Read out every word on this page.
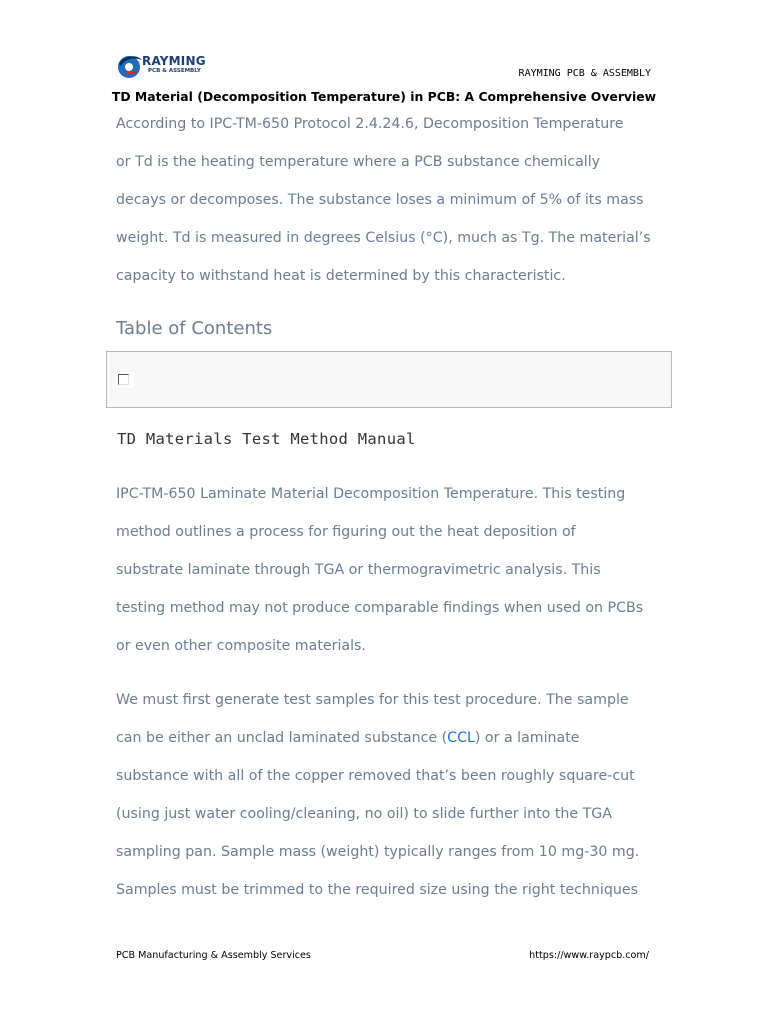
RAYMING
PCB & ASSEMBLY	RAYMING PCB & ASSEMBLY
TD Material (Decomposition Temperature) in PCB: A Comprehensive Overview

According to IPC-TM-650 Protocol 2.4.24.6, Decomposition Temperature
or Td is the heating temperature where a PCB substance chemically
decays or decomposes. The substance loses a minimum of 5% of its mass
weight. Td is measured in degrees Celsius (°C), much as Tg. The material’s
capacity to withstand heat is determined by this characteristic.

Table of Contents
TD Materials Test Method Manual

IPC-TM-650 Laminate Material Decomposition Temperature. This testing
method outlines a process for figuring out the heat deposition of
substrate laminate through TGA or thermogravimetric analysis. This
testing method may not produce comparable findings when used on PCBs
or even other composite materials.

We must first generate test samples for this test procedure. The sample
can be either an unclad laminated substance (CCL) or a laminate
substance with all of the copper removed that’s been roughly square-cut
(using just water cooling/cleaning, no oil) to slide further into the TGA
sampling pan. Sample mass (weight) typically ranges from 10 mg-30 mg.
Samples must be trimmed to the required size using the right techniques

PCB Manufacturing & Assembly Services	https://www.raypcb.com/
